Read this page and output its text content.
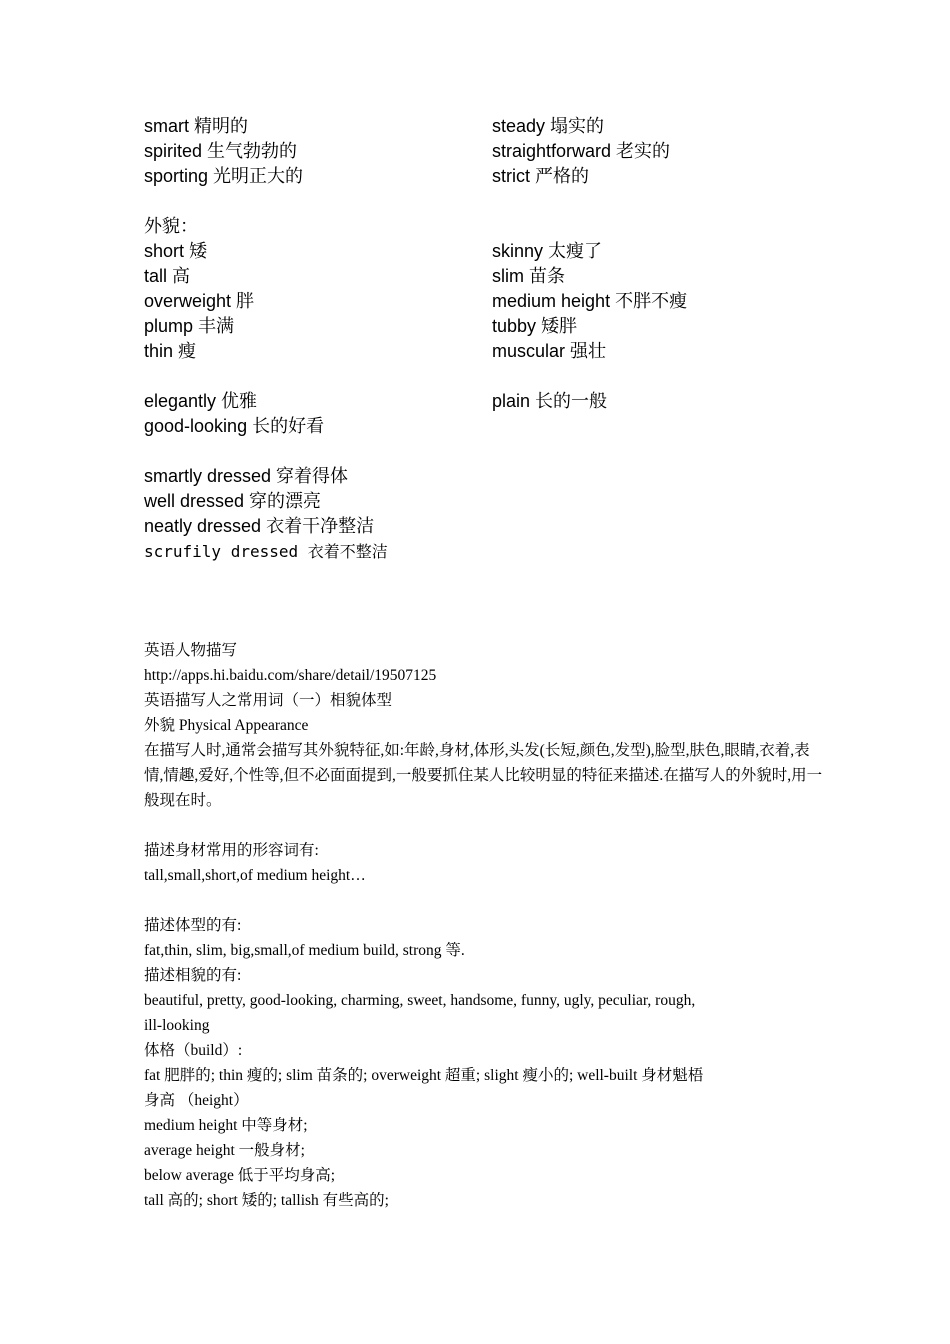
smart 精明的	steady 塌实的
spirited 生气勃勃的	straightforward 老实的
sporting 光明正大的	strict 严格的
外貌：
short 矮	skinny 太瘦了
tall 高	slim 苗条
overweight 胖	medium height 不胖不瘦
plump 丰满	tubby 矮胖
thin 瘦	muscular 强壮
elegantly 优雅	plain 长的一般
good-looking 长的好看
smartly dressed 穿着得体
well dressed 穿的漂亮
neatly dressed 衣着干净整洁
scrufily dressed 衣着不整洁

英语人物描写

http://apps.hi.baidu.com/share/detail/19507125

英语描写人之常用词（一）相貌体型

外貌 Physical Appearance

在描写人时,通常会描写其外貌特征,如:年龄,身材,体形,头发(长短,颜色,发型),脸型,肤色,眼睛,衣着,表情,情趣,爱好,个性等,但不必面面提到,一般要抓住某人比较明显的特征来描述.在描写人的外貌时,用一般现在时。

描述身材常用的形容词有:

tall,small,short,of medium height…

描述体型的有:

fat,thin, slim, big,small,of medium build, strong 等.

描述相貌的有:

beautiful, pretty, good-looking, charming, sweet, handsome, funny, ugly, peculiar, rough,

ill-looking

体格（build）:

fat 肥胖的; thin 瘦的; slim 苗条的; overweight 超重; slight 瘦小的; well-built 身材魁梧

身高 （height）

medium height 中等身材;

average height 一般身材;

below average 低于平均身高;

tall 高的; short 矮的; tallish 有些高的;
